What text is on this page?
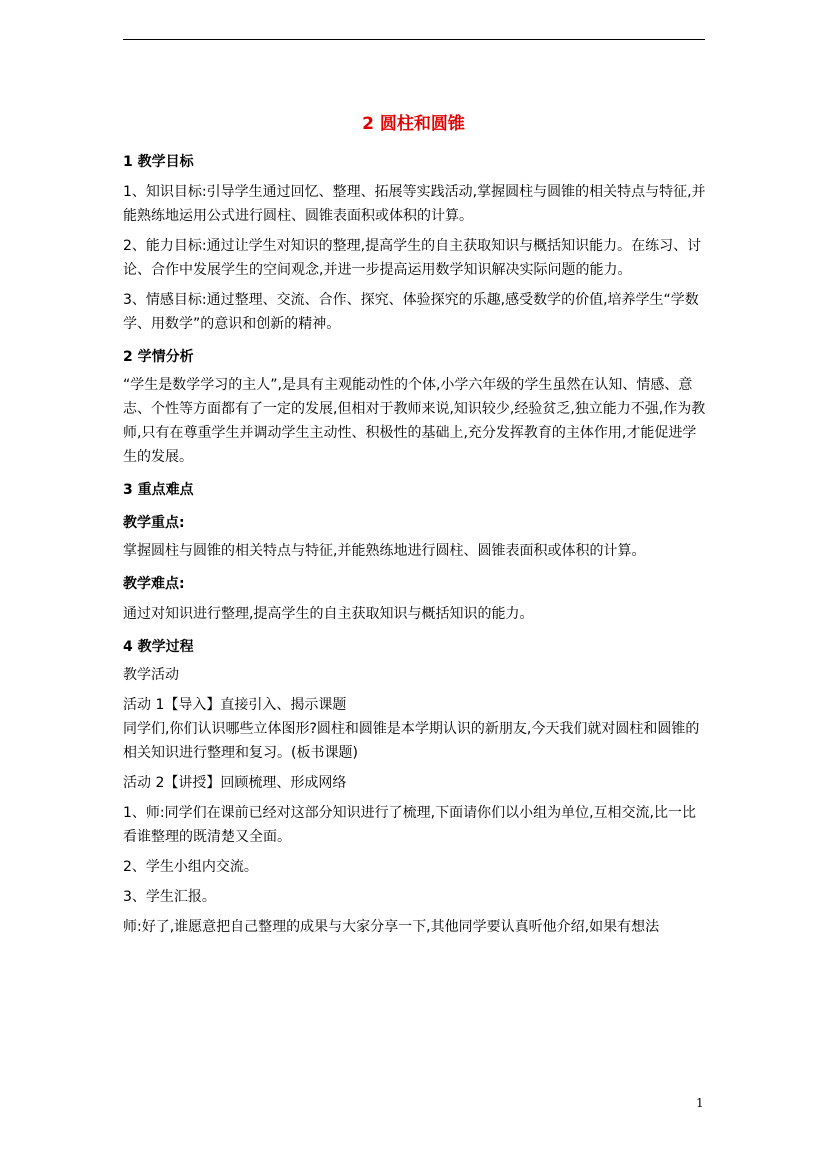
2 圆柱和圆锥

1 教学目标

1、知识目标:引导学生通过回忆、整理、拓展等实践活动,掌握圆柱与圆锥的相关特点与特征,并能熟练地运用公式进行圆柱、圆锥表面积或体积的计算。

2、能力目标:通过让学生对知识的整理,提高学生的自主获取知识与概括知识能力。在练习、讨论、合作中发展学生的空间观念,并进一步提高运用数学知识解决实际问题的能力。

3、情感目标:通过整理、交流、合作、探究、体验探究的乐趣,感受数学的价值,培养学生“学数学、用数学”的意识和创新的精神。

2 学情分析

“学生是数学学习的主人”,是具有主观能动性的个体,小学六年级的学生虽然在认知、情感、意志、个性等方面都有了一定的发展,但相对于教师来说,知识较少,经验贫乏,独立能力不强,作为教师,只有在尊重学生并调动学生主动性、积极性的基础上,充分发挥教育的主体作用,才能促进学生的发展。

3 重点难点

教学重点:

掌握圆柱与圆锥的相关特点与特征,并能熟练地进行圆柱、圆锥表面积或体积的计算。

教学难点:

通过对知识进行整理,提高学生的自主获取知识与概括知识的能力。

4 教学过程

教学活动

活动 1【导入】直接引入、揭示课题

同学们,你们认识哪些立体图形?圆柱和圆锥是本学期认识的新朋友,今天我们就对圆柱和圆锥的相关知识进行整理和复习。(板书课题)

活动 2【讲授】回顾梳理、形成网络

1、师:同学们在课前已经对这部分知识进行了梳理,下面请你们以小组为单位,互相交流,比一比看谁整理的既清楚又全面。

2、学生小组内交流。

3、学生汇报。

师:好了,谁愿意把自己整理的成果与大家分享一下,其他同学要认真听他介绍,如果有想法

1
